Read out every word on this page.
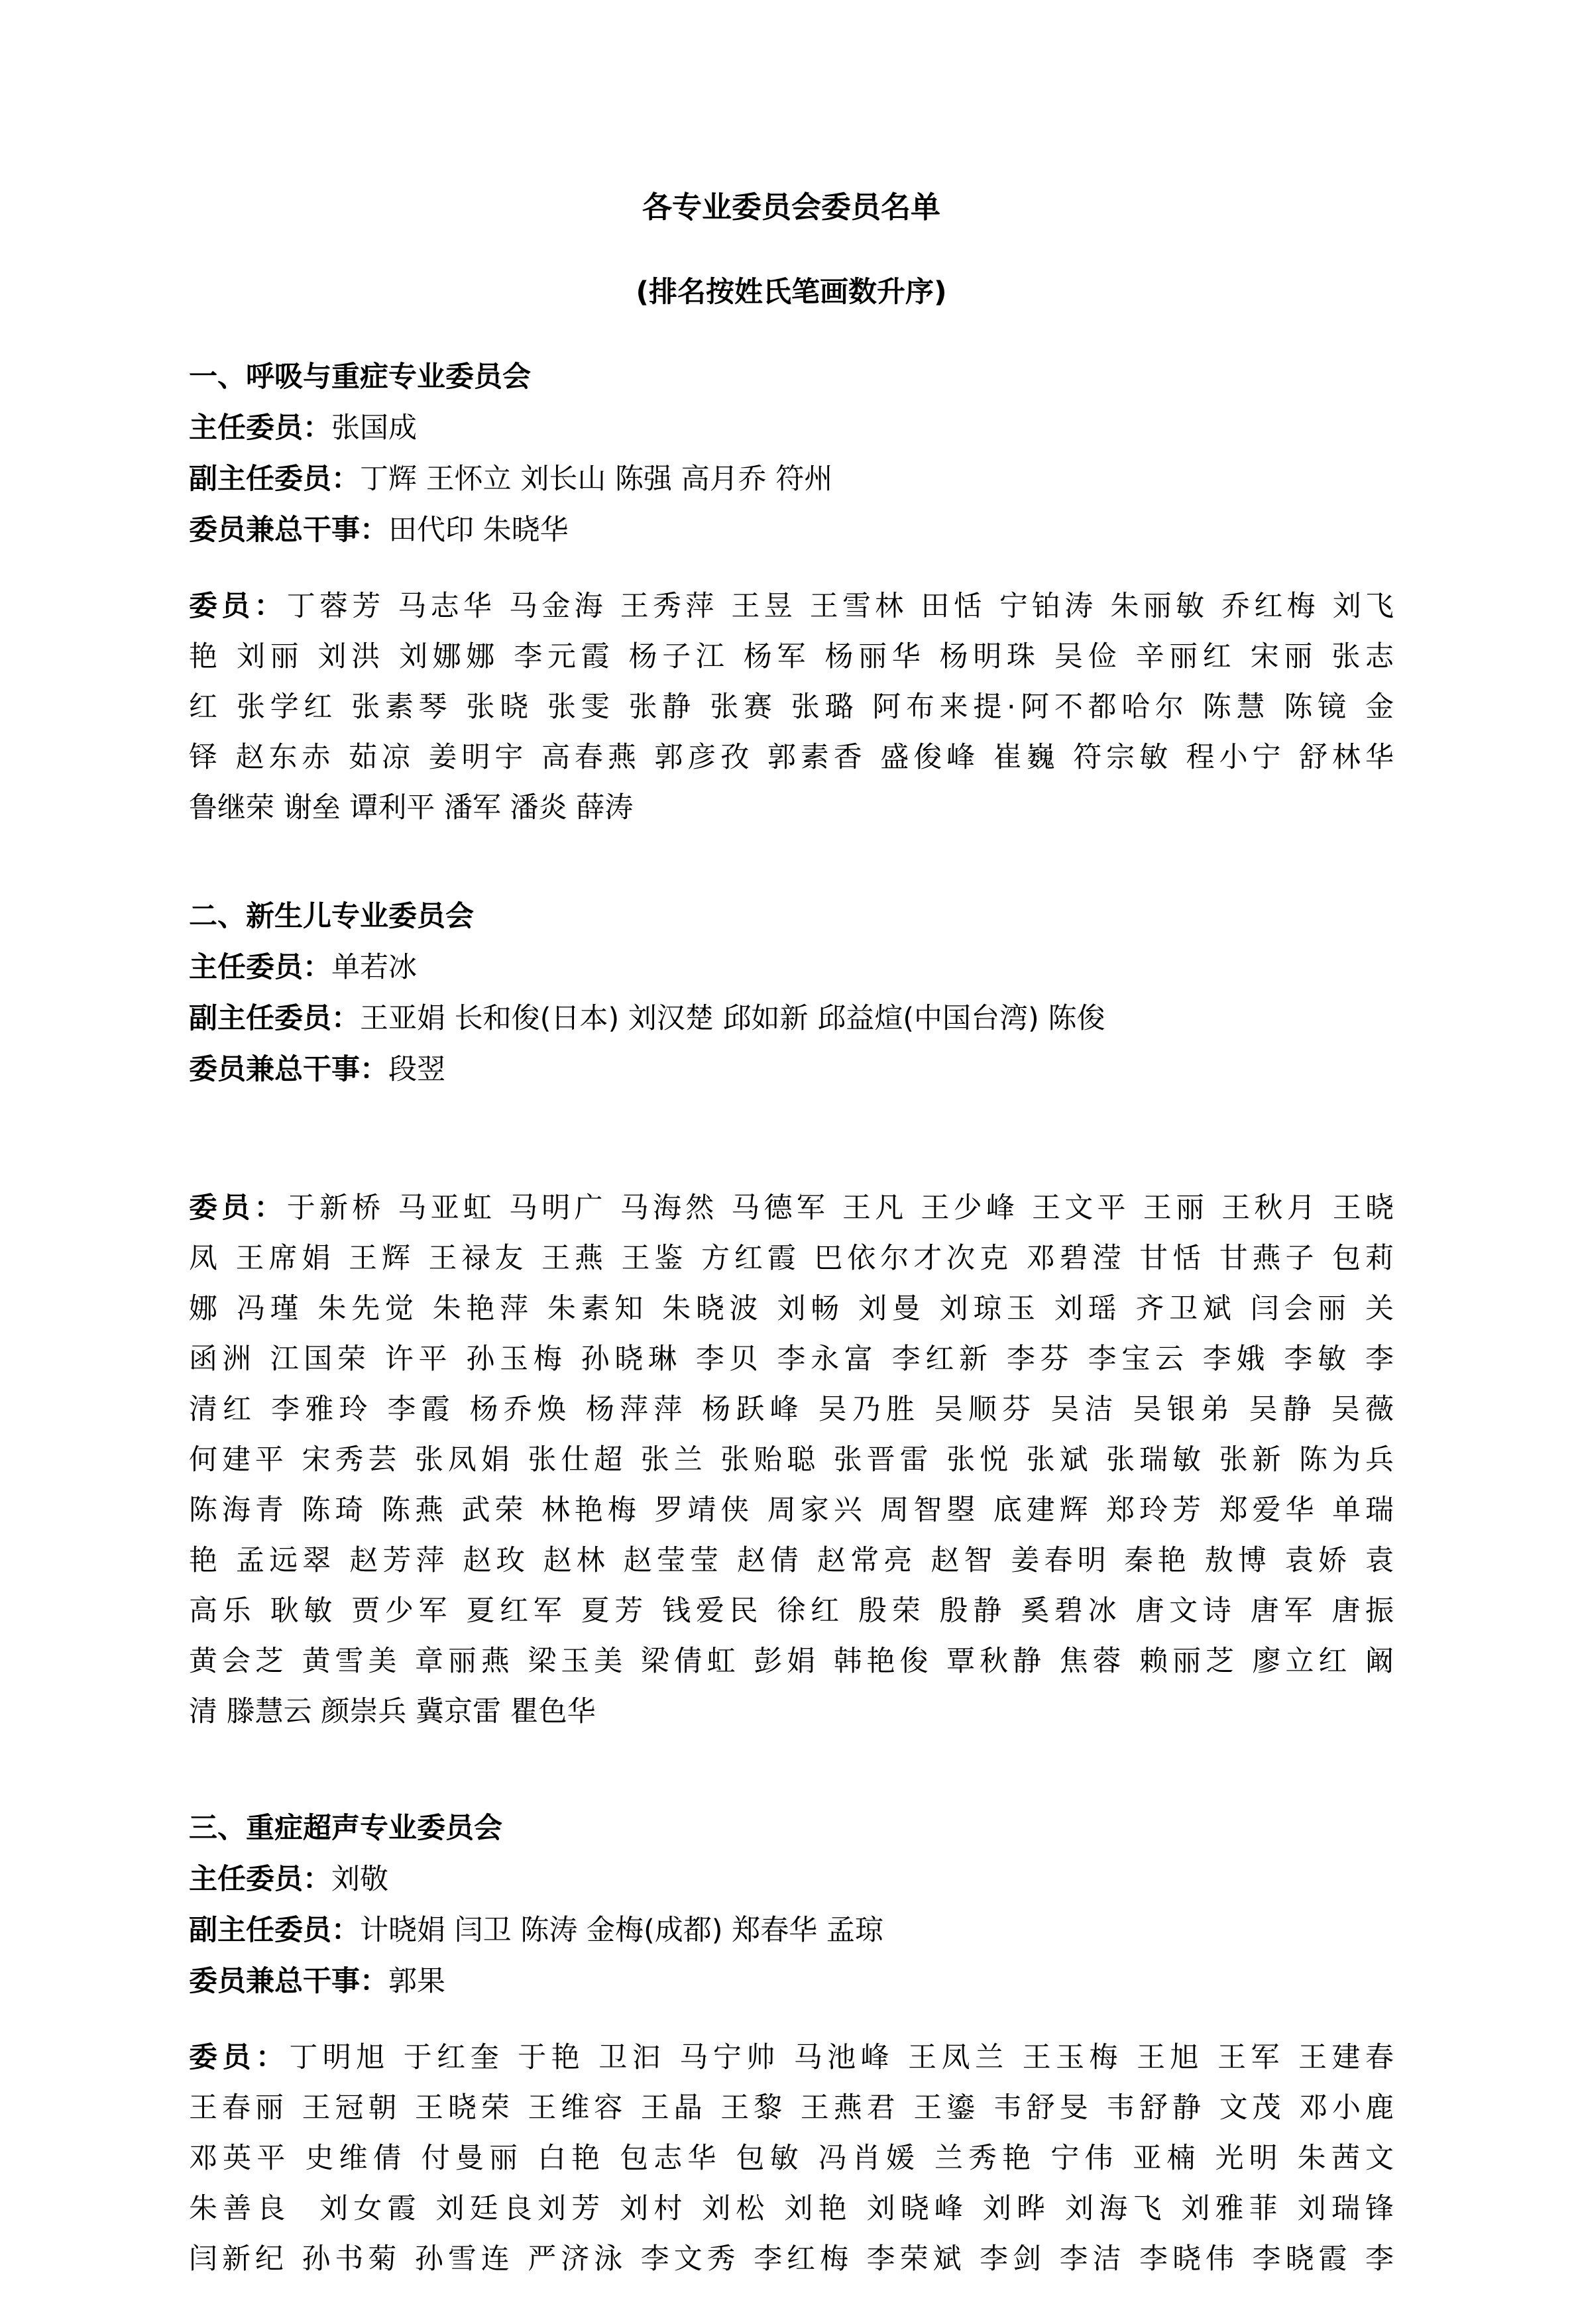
各专业委员会委员名单
(排名按姓氏笔画数升序)
一、呼吸与重症专业委员会
主任委员：张国成
副主任委员：丁辉 王怀立 刘长山 陈强 高月乔 符州
委员兼总干事：田代印 朱晓华
委员：丁蓉芳 马志华 马金海 王秀萍 王昱 王雪林 田恬 宁铂涛 朱丽敏 乔红梅 刘飞
艳 刘丽 刘洪 刘娜娜 李元霞 杨子江 杨军 杨丽华 杨明珠 吴俭 辛丽红 宋丽 张志
红 张学红 张素琴 张晓 张雯 张静 张赛 张璐 阿布来提·阿不都哈尔 陈慧 陈镜 金
铎 赵东赤 茹凉 姜明宇 高春燕 郭彦孜 郭素香 盛俊峰 崔巍 符宗敏 程小宁 舒林华
鲁继荣 谢垒 谭利平 潘军 潘炎 薛涛
二、新生儿专业委员会
主任委员：单若冰
副主任委员：王亚娟 长和俊(日本) 刘汉楚 邱如新 邱益煊(中国台湾) 陈俊
委员兼总干事：段翌
委员：于新桥 马亚虹 马明广 马海然 马德军 王凡 王少峰 王文平 王丽 王秋月 王晓
凤 王席娟 王辉 王禄友 王燕 王鉴 方红霞 巴依尔才次克 邓碧滢 甘恬 甘燕子 包莉
娜 冯瑾 朱先觉 朱艳萍 朱素知 朱晓波 刘畅 刘曼 刘琼玉 刘瑶 齐卫斌 闫会丽 关
函洲 江国荣 许平 孙玉梅 孙晓琳 李贝 李永富 李红新 李芬 李宝云 李娥 李敏 李
清红 李雅玲 李霞 杨乔焕 杨萍萍 杨跃峰 吴乃胜 吴顺芬 吴洁 吴银弟 吴静 吴薇
何建平 宋秀芸 张凤娟 张仕超 张兰 张贻聪 张晋雷 张悦 张斌 张瑞敏 张新 陈为兵
陈海青 陈琦 陈燕 武荣 林艳梅 罗靖侠 周家兴 周智曌 底建辉 郑玲芳 郑爱华 单瑞
艳 孟远翠 赵芳萍 赵玫 赵林 赵莹莹 赵倩 赵常亮 赵智 姜春明 秦艳 敖博 袁娇 袁
高乐 耿敏 贾少军 夏红军 夏芳 钱爱民 徐红 殷荣 殷静 奚碧冰 唐文诗 唐军 唐振
黄会芝 黄雪美 章丽燕 梁玉美 梁倩虹 彭娟 韩艳俊 覃秋静 焦蓉 赖丽芝 廖立红 阚
清 滕慧云 颜崇兵 冀京雷 瞿色华
三、重症超声专业委员会
主任委员：刘敬
副主任委员：计晓娟 闫卫 陈涛 金梅(成都) 郑春华 孟琼
委员兼总干事：郭果
委员：丁明旭 于红奎 于艳 卫汩 马宁帅 马池峰 王凤兰 王玉梅 王旭 王军 王建春
王春丽 王冠朝 王晓荣 王维容 王晶 王黎 王燕君 王鎏 韦舒旻 韦舒静 文茂 邓小鹿
邓英平 史维倩 付曼丽 白艳 包志华 包敏 冯肖媛 兰秀艳 宁伟 亚楠 光明 朱茜文
朱善良  刘女霞 刘廷良刘芳 刘村 刘松 刘艳 刘晓峰 刘晔 刘海飞 刘雅菲 刘瑞锋
闫新纪 孙书菊 孙雪连 严济泳 李文秀 李红梅 李荣斌 李剑 李洁 李晓伟 李晓霞 李
